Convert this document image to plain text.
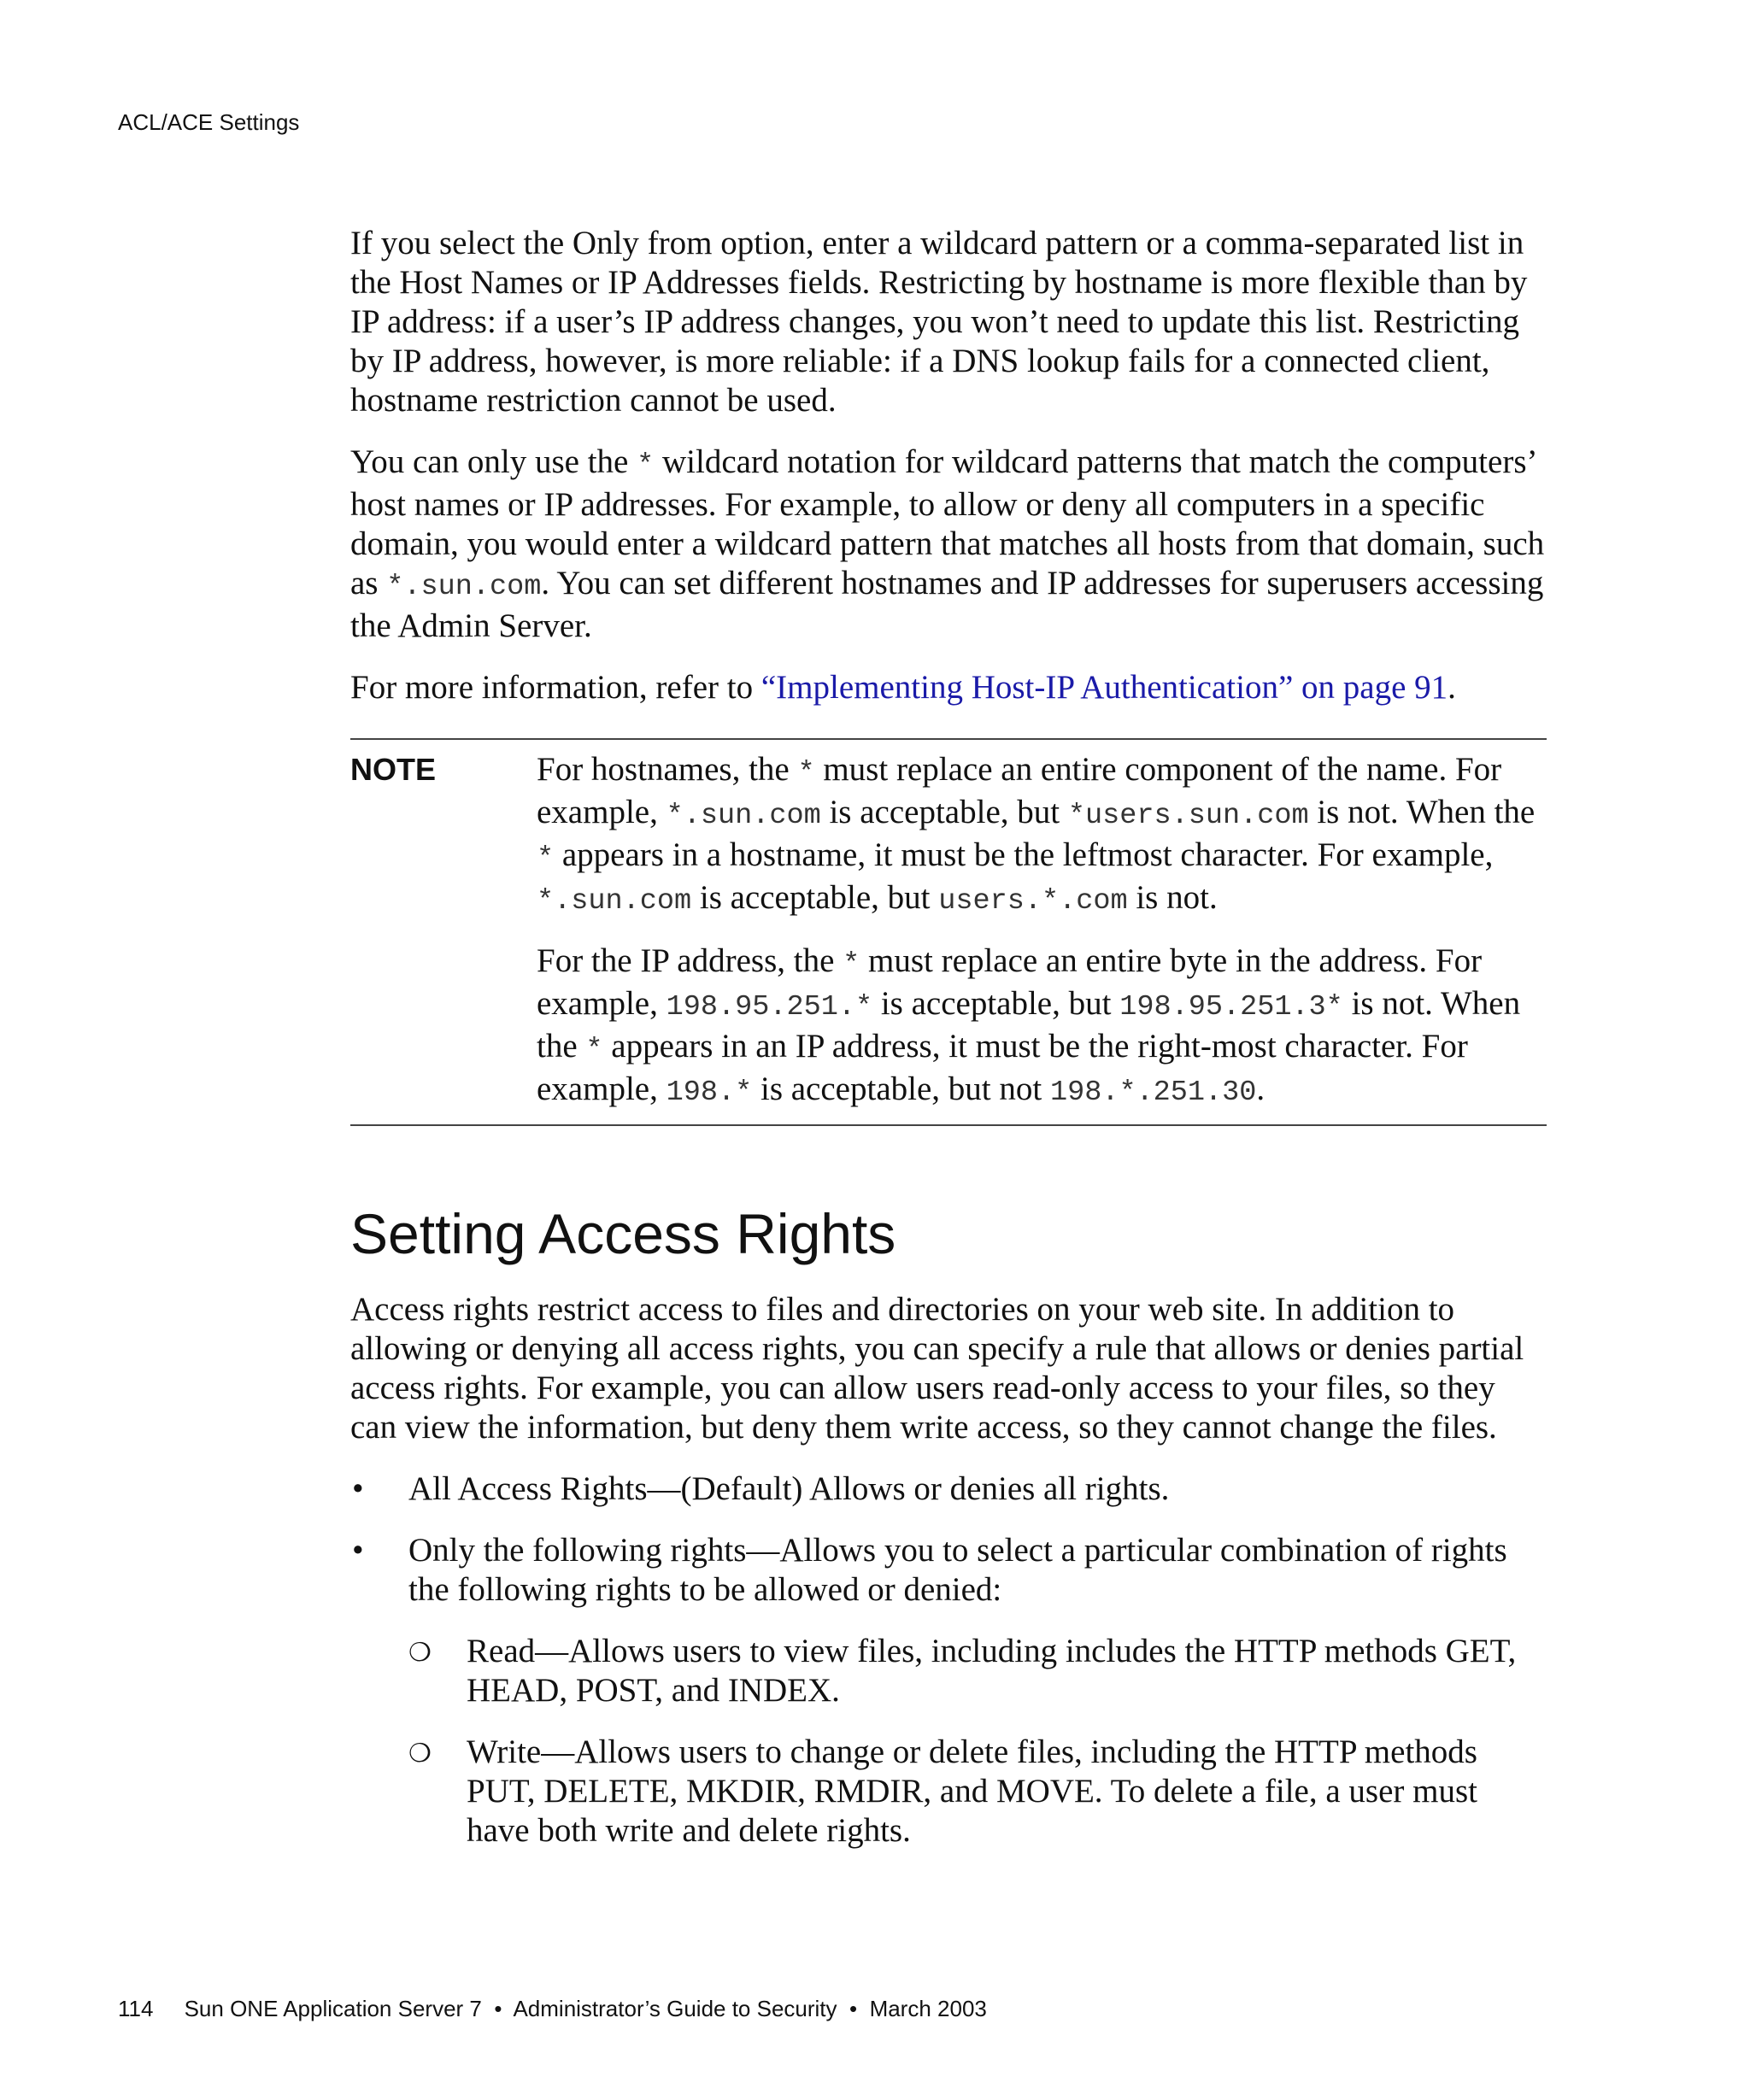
ACL/ACE Settings

If you select the Only from option, enter a wildcard pattern or a comma-separated list in the Host Names or IP Addresses fields. Restricting by hostname is more flexible than by IP address: if a user’s IP address changes, you won’t need to update this list. Restricting by IP address, however, is more reliable: if a DNS lookup fails for a connected client, hostname restriction cannot be used.

You can only use the * wildcard notation for wildcard patterns that match the computers’ host names or IP addresses. For example, to allow or deny all computers in a specific domain, you would enter a wildcard pattern that matches all hosts from that domain, such as *.sun.com. You can set different hostnames and IP addresses for superusers accessing the Admin Server.

For more information, refer to “Implementing Host-IP Authentication” on page 91.

NOTE	For hostnames, the * must replace an entire component of the name. For example, *.sun.com is acceptable, but *users.sun.com is not. When the * appears in a hostname, it must be the leftmost character. For example, *.sun.com is acceptable, but users.*.com is not.

For the IP address, the * must replace an entire byte in the address. For example, 198.95.251.* is acceptable, but 198.95.251.3* is not. When the * appears in an IP address, it must be the right-most character. For example, 198.* is acceptable, but not 198.*.251.30.

Setting Access Rights

Access rights restrict access to files and directories on your web site. In addition to allowing or denying all access rights, you can specify a rule that allows or denies partial access rights. For example, you can allow users read-only access to your files, so they can view the information, but deny them write access, so they cannot change the files.

• All Access Rights—(Default) Allows or denies all rights.
• Only the following rights—Allows you to select a particular combination of rights the following rights to be allowed or denied:
❍ Read—Allows users to view files, including includes the HTTP methods GET, HEAD, POST, and INDEX.
❍ Write—Allows users to change or delete files, including the HTTP methods PUT, DELETE, MKDIR, RMDIR, and MOVE. To delete a file, a user must have both write and delete rights.
114 Sun ONE Application Server 7 • Administrator’s Guide to Security • March 2003
